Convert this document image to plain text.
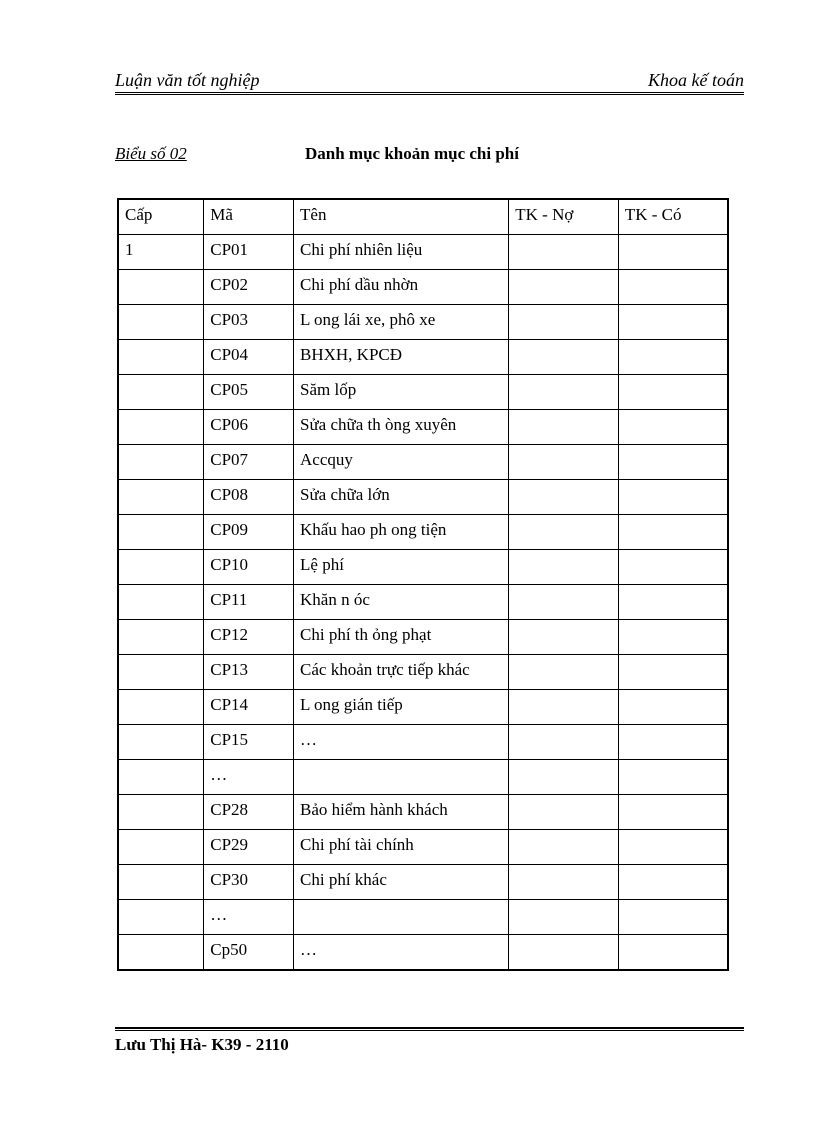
Luận văn tốt nghiệp	Khoa kế toán
Biểu số 02	Danh mục khoản mục chi phí
Cấp	Mã	Tên	TK - Nợ	TK - Có
1	CP01	Chi phí nhiên liệu		
	CP02	Chi phí dầu nhờn		
	CP03	L ong lái xe, phô xe		
	CP04	BHXH, KPCĐ		
	CP05	Săm lốp		
	CP06	Sửa chữa th òng xuyên		
	CP07	Accquy		
	CP08	Sửa chữa lớn		
	CP09	Khấu hao ph ong tiện		
	CP10	Lệ phí		
	CP11	Khăn n óc		
	CP12	Chi phí th ỏng phạt		
	CP13	Các khoản trực tiếp khác		
	CP14	L ong gián tiếp		
	CP15	…		
	…			
	CP28	Bảo hiểm hành khách		
	CP29	Chi phí tài chính		
	CP30	Chi phí khác		
	…			
	Cp50	…		
Lưu Thị Hà- K39 - 2110
